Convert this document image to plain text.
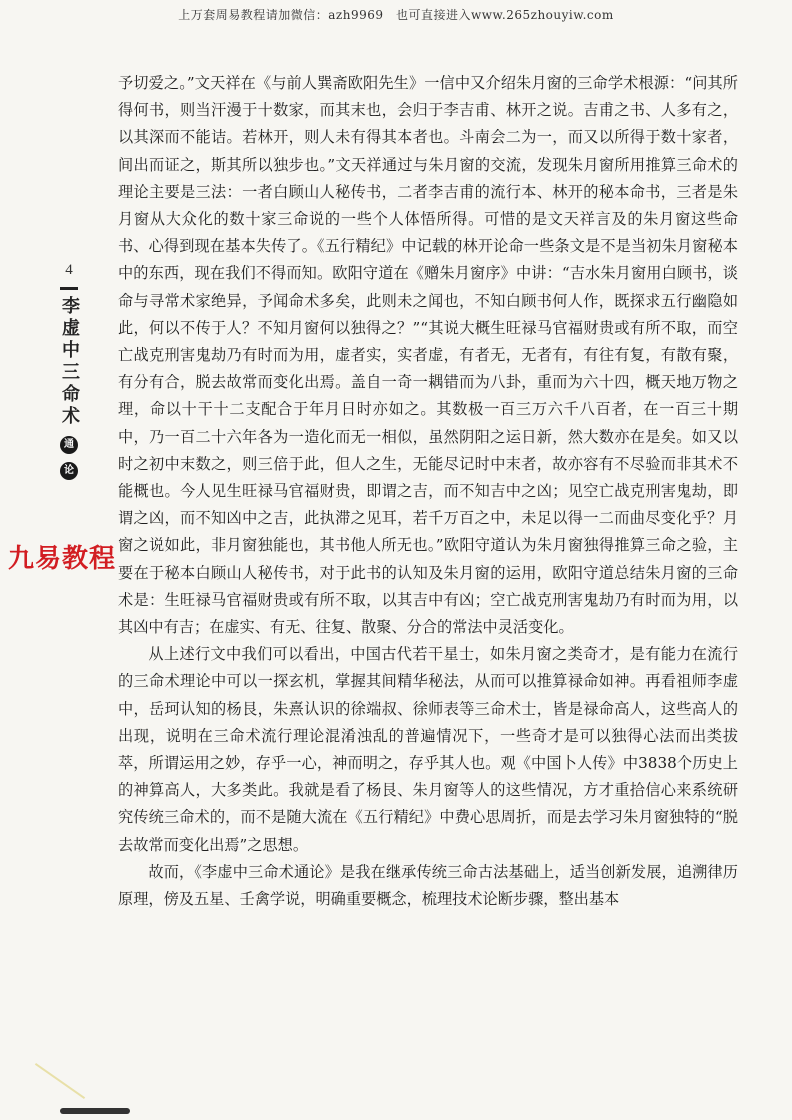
上万套周易教程请加微信：azh9969　也可直接进入www.265zhouyiw.com
4
李虚中三命术
通
论
九易教程

予切爱之。”文天祥在《与前人巽斋欧阳先生》一信中又介绍朱月窗的三命学术根源：“问其所得何书，则当汗漫于十数家，而其末也，会归于李吉甫、林开之说。吉甫之书、人多有之，以其深而不能诘。若林开，则人未有得其本者也。斗南会二为一，而又以所得于数十家者，间出而证之，斯其所以独步也。”文天祥通过与朱月窗的交流，发现朱月窗所用推算三命术的理论主要是三法：一者白顾山人秘传书，二者李吉甫的流行本、林开的秘本命书，三者是朱月窗从大众化的数十家三命说的一些个人体悟所得。可惜的是文天祥言及的朱月窗这些命书、心得到现在基本失传了。《五行精纪》中记载的林开论命一些条文是不是当初朱月窗秘本中的东西，现在我们不得而知。欧阳守道在《赠朱月窗序》中讲：“吉水朱月窗用白顾书，谈命与寻常术家绝异，予闻命术多矣，此则未之闻也，不知白顾书何人作，既探求五行幽隐如此，何以不传于人？不知月窗何以独得之？”“其说大概生旺禄马官福财贵或有所不取，而空亡战克刑害鬼劫乃有时而为用，虚者实，实者虚，有者无，无者有，有往有复，有散有聚，有分有合，脱去故常而变化出焉。盖自一奇一耦错而为八卦，重而为六十四，概天地万物之理，命以十干十二支配合于年月日时亦如之。其数极一百三万六千八百者，在一百三十期中，乃一百二十六年各为一造化而无一相似，虽然阴阳之运日新，然大数亦在是矣。如又以时之初中末数之，则三倍于此，但人之生，无能尽记时中末者，故亦容有不尽验而非其术不能概也。今人见生旺禄马官福财贵，即谓之吉，而不知吉中之凶；见空亡战克刑害鬼劫，即谓之凶，而不知凶中之吉，此执滞之见耳，若千万百之中，未足以得一二而曲尽变化乎？月窗之说如此，非月窗独能也，其书他人所无也。”欧阳守道认为朱月窗独得推算三命之验，主要在于秘本白顾山人秘传书，对于此书的认知及朱月窗的运用，欧阳守道总结朱月窗的三命术是：生旺禄马官福财贵或有所不取，以其吉中有凶；空亡战克刑害鬼劫乃有时而为用，以其凶中有吉；在虚实、有无、往复、散聚、分合的常法中灵活变化。

从上述行文中我们可以看出，中国古代若干星士，如朱月窗之类奇才，是有能力在流行的三命术理论中可以一探玄机，掌握其间精华秘法，从而可以推算禄命如神。再看祖师李虚中，岳珂认知的杨艮，朱熹认识的徐端叔、徐师表等三命术士，皆是禄命高人，这些高人的出现，说明在三命术流行理论混淆浊乱的普遍情况下，一些奇才是可以独得心法而出类拔萃，所谓运用之妙，存乎一心，神而明之，存乎其人也。观《中国卜人传》中3838个历史上的神算高人，大多类此。我就是看了杨艮、朱月窗等人的这些情况，方才重拾信心来系统研究传统三命术的，而不是随大流在《五行精纪》中费心思周折，而是去学习朱月窗独特的“脱去故常而变化出焉”之思想。

故而，《李虚中三命术通论》是我在继承传统三命古法基础上，适当创新发展，追溯律历原理，傍及五星、壬禽学说，明确重要概念，梳理技术论断步骤，整出基本
